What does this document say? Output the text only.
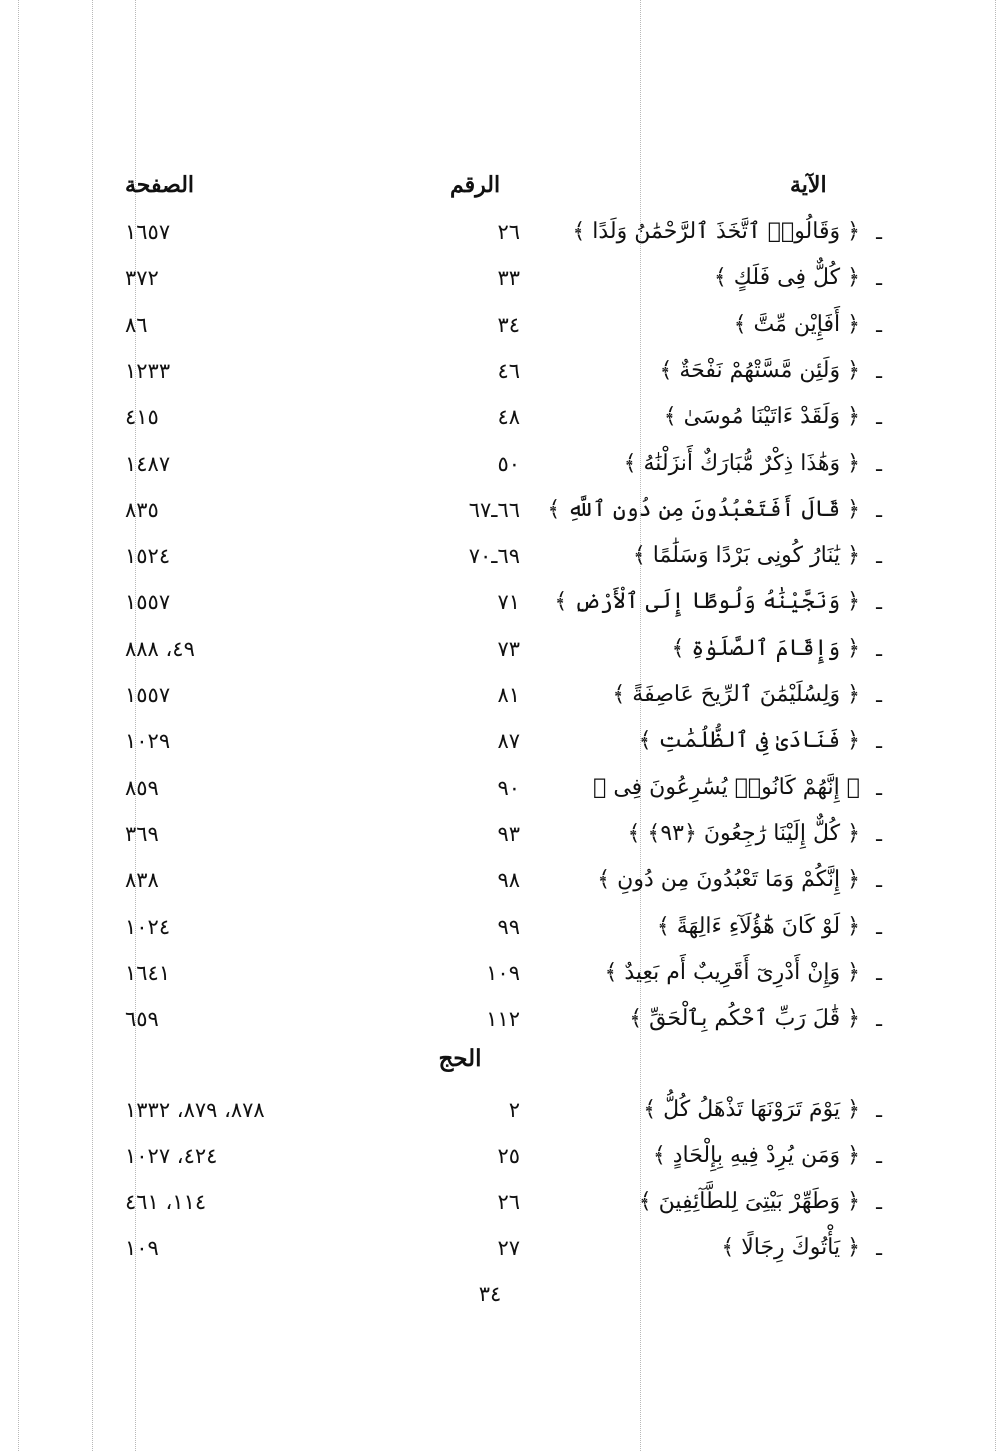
الآية
الرقم
الصفحة
ـ
﴿ وَقَالُوا۟ ٱتَّخَذَ ٱلرَّحْمَٰنُ وَلَدًا ﴾
٢٦
١٦٥٧
ـ
﴿ كُلٌّ فِى فَلَكٍ ﴾
٣٣
٣٧٢
ـ
﴿ أَفَإِيْن مِّتَّ ﴾
٣٤
٨٦
ـ
﴿ وَلَئِن مَّسَّتْهُمْ نَفْحَةٌ ﴾
٤٦
١٢٣٣
ـ
﴿ وَلَقَدْ ءَاتَيْنَا مُوسَىٰ ﴾
٤٨
٤١٥
ـ
﴿ وَهَٰذَا ذِكْرٌ مُّبَارَكٌ أَنزَلْنَٰهُ ﴾
٥٠
١٤٨٧
ـ
﴿ قَالَ أَفَتَعْبُدُونَ مِن دُونِ ٱللَّهِ ﴾
٦٦ـ٦٧
٨٣٥
ـ
﴿ يَٰنَارُ كُونِى بَرْدًا وَسَلَٰمًا ﴾
٦٩ـ٧٠
١٥٢٤
ـ
﴿ وَنَجَّيْنَٰهُ وَلُوطًا إِلَى ٱلْأَرْضِ ﴾
٧١
١٥٥٧
ـ
﴿ وَإِقَامَ ٱلصَّلَوٰةِ ﴾
٧٣
٤٩، ٨٨٨
ـ
﴿ وَلِسُلَيْمَٰنَ ٱلرِّيحَ عَاصِفَةً ﴾
٨١
١٥٥٧
ـ
﴿ فَنَادَىٰ فِى ٱلظُّلُمَٰتِ ﴾
٨٧
١٠٢٩
ـ
﴿ إِنَّهُمْ كَانُوا۟ يُسَٰرِعُونَ فِى ﴾
٩٠
٨٥٩
ـ
﴿ كُلٌّ إِلَيْنَا رَٰجِعُونَ ﴿٩٣﴾ ﴾
٩٣
٣٦٩
ـ
﴿ إِنَّكُمْ وَمَا تَعْبُدُونَ مِن دُونِ ﴾
٩٨
٨٣٨
ـ
﴿ لَوْ كَانَ هَٰٓؤُلَآءِ ءَالِهَةً ﴾
٩٩
١٠٢٤
ـ
﴿ وَإِنْ أَدْرِىٓ أَقَرِيبٌ أَم بَعِيدٌ ﴾
١٠٩
١٦٤١
ـ
﴿ قَٰلَ رَبِّ ٱحْكُم بِٱلْحَقِّ ﴾
١١٢
٦٥٩
الحج
ـ
﴿ يَوْمَ تَرَوْنَهَا تَذْهَلُ كُلُّ ﴾
٢
٨٧٨، ٨٧٩، ١٣٣٢
ـ
﴿ وَمَن يُرِدْ فِيهِ بِإِلْحَادٍ ﴾
٢٥
٤٢٤، ١٠٢٧
ـ
﴿ وَطَهِّرْ بَيْتِىَ لِلطَّآئِفِينَ ﴾
٢٦
١١٤، ٤٦١
ـ
﴿ يَأْتُوكَ رِجَالًا ﴾
٢٧
١٠٩
٣٤
